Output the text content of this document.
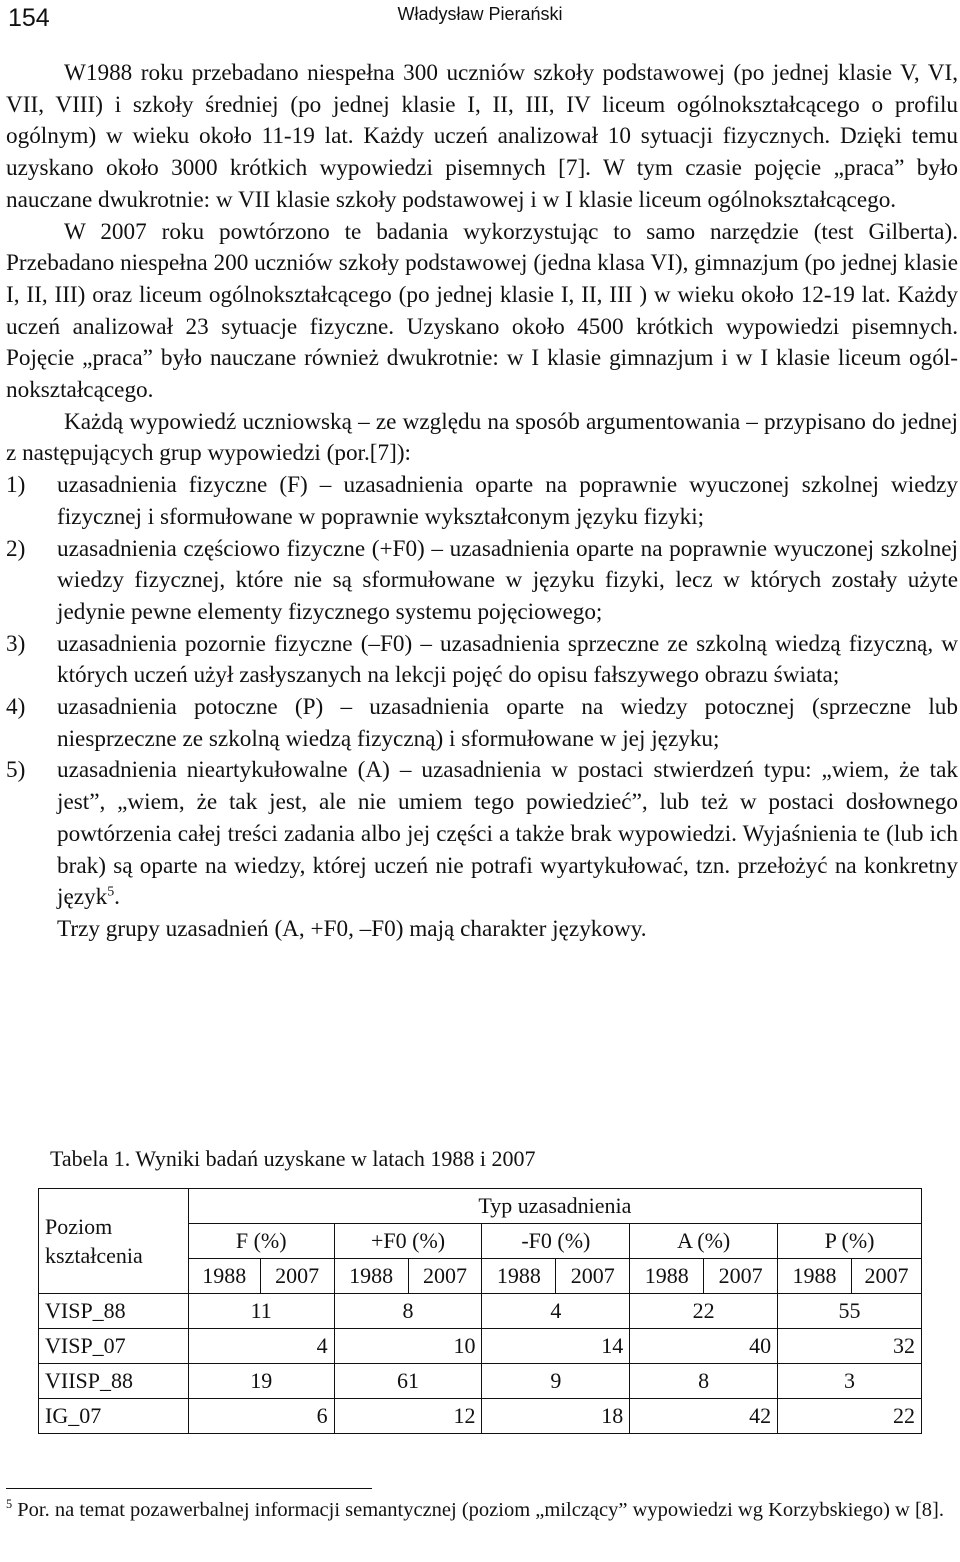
154	Władysław Pierański

W1988 roku przebadano niespełna 300 uczniów szkoły podstawowej (po jednej klasie V, VI, VII, VIII) i szkoły średniej (po jednej klasie I, II, III, IV liceum ogólnokształcącego o profilu ogólnym) w wieku około 11-19 lat. Każdy uczeń analizował 10 sytuacji fizycznych. Dzięki temu uzyskano około 3000 krótkich wypowiedzi pisemnych [7]. W tym czasie pojęcie „praca” było nauczane dwukrotnie: w VII klasie szkoły podstawowej i w I klasie liceum ogólnokształcącego.

W 2007 roku powtórzono te badania wykorzystując to samo narzędzie (test Gilberta). Przebadano niespełna 200 uczniów szkoły podstawowej (jedna klasa VI), gimnazjum (po jednej klasie I, II, III) oraz liceum ogólnokształcącego (po jednej klasie I, II, III ) w wieku około 12-19 lat. Każdy uczeń analizował 23 sytuacje fizyczne. Uzyskano około 4500 krótkich wypowiedzi pisemnych. Pojęcie „praca” było nauczane również dwukrotnie: w I klasie gimnazjum i w I klasie liceum ogólnokształcącego.

Każdą wypowiedź uczniowską – ze względu na sposób argumentowania – przypisano do jednej z następujących grup wypowiedzi (por.[7]):

1) uzasadnienia fizyczne (F) – uzasadnienia oparte na poprawnie wyuczonej szkolnej wiedzy fizycznej i sformułowane w poprawnie wykształconym języku fizyki;
2) uzasadnienia częściowo fizyczne (+F0) – uzasadnienia oparte na poprawnie wyuczonej szkolnej wiedzy fizycznej, które nie są sformułowane w języku fizyki, lecz w których zostały użyte jedynie pewne elementy fizycznego systemu pojęciowego;
3) uzasadnienia pozornie fizyczne (–F0) – uzasadnienia sprzeczne ze szkolną wiedzą fizyczną, w których uczeń użył zasłyszanych na lekcji pojęć do opisu fałszywego obrazu świata;
4) uzasadnienia potoczne (P) – uzasadnienia oparte na wiedzy potocznej (sprzeczne lub niesprzeczne ze szkolną wiedzą fizyczną) i sformułowane w jej języku;
5) uzasadnienia nieartykułowalne (A) – uzasadnienia w postaci stwierdzeń typu: „wiem, że tak jest”, „wiem, że tak jest, ale nie umiem tego powiedzieć”, lub też w postaci dosłownego powtórzenia całej treści zadania albo jej części a także brak wypowiedzi. Wyjaśnienia te (lub ich brak) są oparte na wiedzy, której uczeń nie potrafi wyartykułować, tzn. przełożyć na konkretny język$^5$.

Trzy grupy uzasadnień (A, +F0, –F0) mają charakter językowy.

Tabela 1. Wyniki badań uzyskane w latach 1988 i 2007
Poziom
kształcenia	Typ uzasadnienia									
	F (%)		+F0 (%)		-F0 (%)		A (%)		P (%)	
	1988	2007	1988	2007	1988	2007	1988	2007	1988	2007
VISP_88	11		8		4		22		55	
VISP_07	4		10		14		40		32	
VIISP_88	19		61		9		8		3	
IG_07	6		12		18		42		22	
$^5$ Por. na temat pozawerbalnej informacji semantycznej (poziom „milczący” wypowiedzi wg Korzybskiego) w [8].
